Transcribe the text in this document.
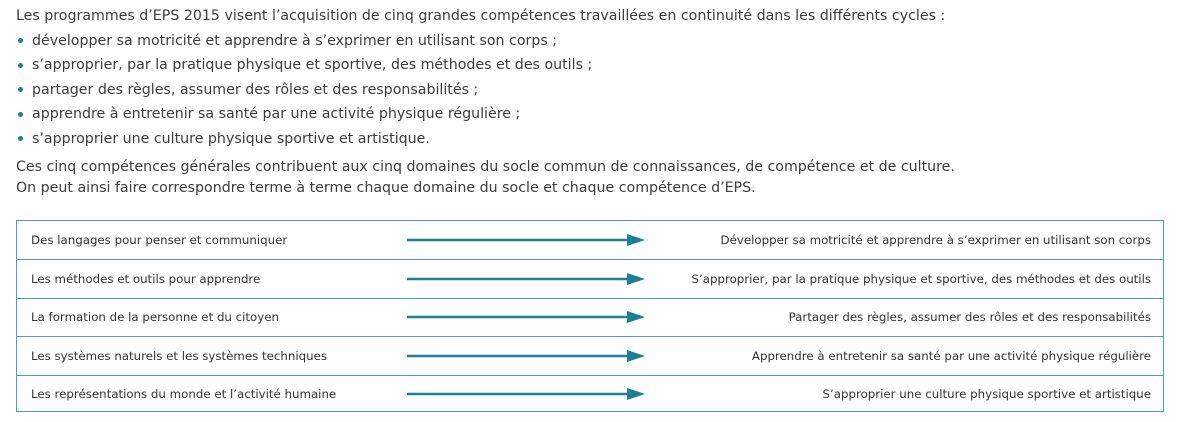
Les programmes d’EPS 2015 visent l’acquisition de cinq grandes compétences travaillées en continuité dans les différents cycles :

développer sa motricité et apprendre à s’exprimer en utilisant son corps ;
s’approprier, par la pratique physique et sportive, des méthodes et des outils ;
partager des règles, assumer des rôles et des responsabilités ;
apprendre à entretenir sa santé par une activité physique régulière ;
s’approprier une culture physique sportive et artistique.

Ces cinq compétences générales contribuent aux cinq domaines du socle commun de connaissances, de compétence et de culture.

On peut ainsi faire correspondre terme à terme chaque domaine du socle et chaque compétence d’EPS.

Des langages pour penser et communiquer	Développer sa motricité et apprendre à s’exprimer en utilisant son corps
Les méthodes et outils pour apprendre	S’approprier, par la pratique physique et sportive, des méthodes et des outils
La formation de la personne et du citoyen	Partager des règles, assumer des rôles et des responsabilités
Les systèmes naturels et les systèmes techniques	Apprendre à entretenir sa santé par une activité physique régulière
Les représentations du monde et l’activité humaine	S’approprier une culture physique sportive et artistique
